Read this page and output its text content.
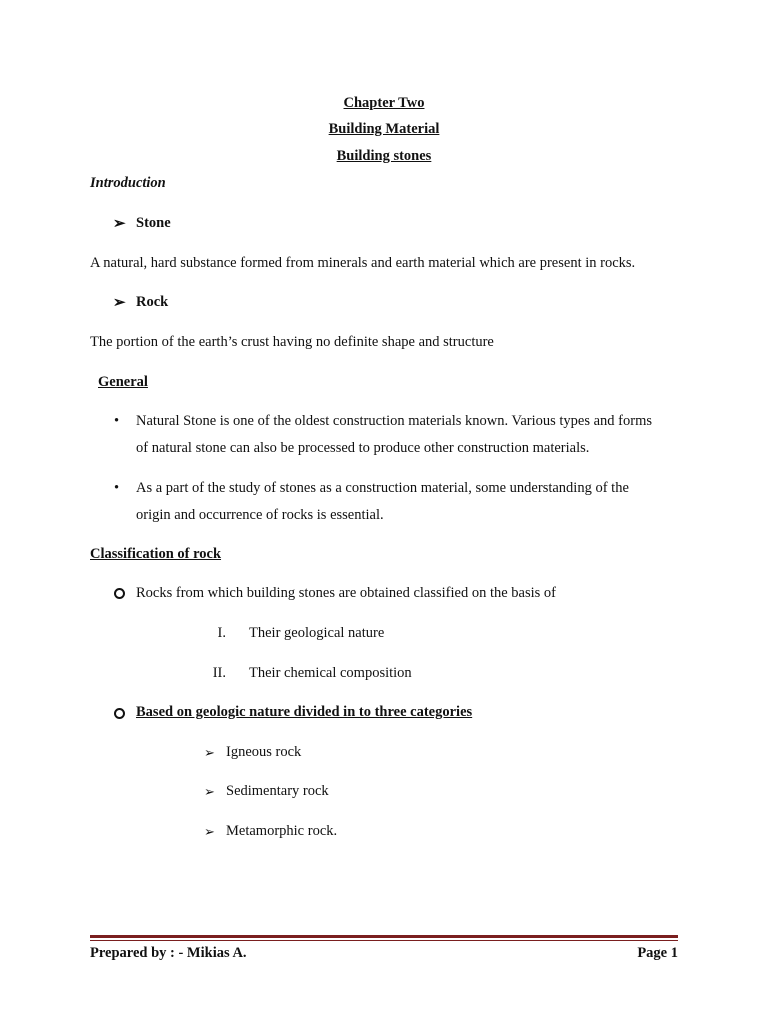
Chapter Two
Building Material
Building stones
Introduction
➢ Stone
A natural, hard substance formed from minerals and earth material which are present in rocks.
➢ Rock
The portion of the earth’s crust having no definite shape and structure
General
• Natural Stone is one of the oldest construction materials known. Various types and forms
of natural stone can also be processed to produce other construction materials.
• As a part of the study of stones as a construction material, some understanding of the
origin and occurrence of rocks is essential.
Classification of rock
Rocks from which building stones are obtained classified on the basis of
I. Their geological nature
II. Their chemical composition
Based on geologic nature divided in to three categories
➢ Igneous rock
➢ Sedimentary rock
➢ Metamorphic rock.
Prepared by : - Mikias A.	Page 1
